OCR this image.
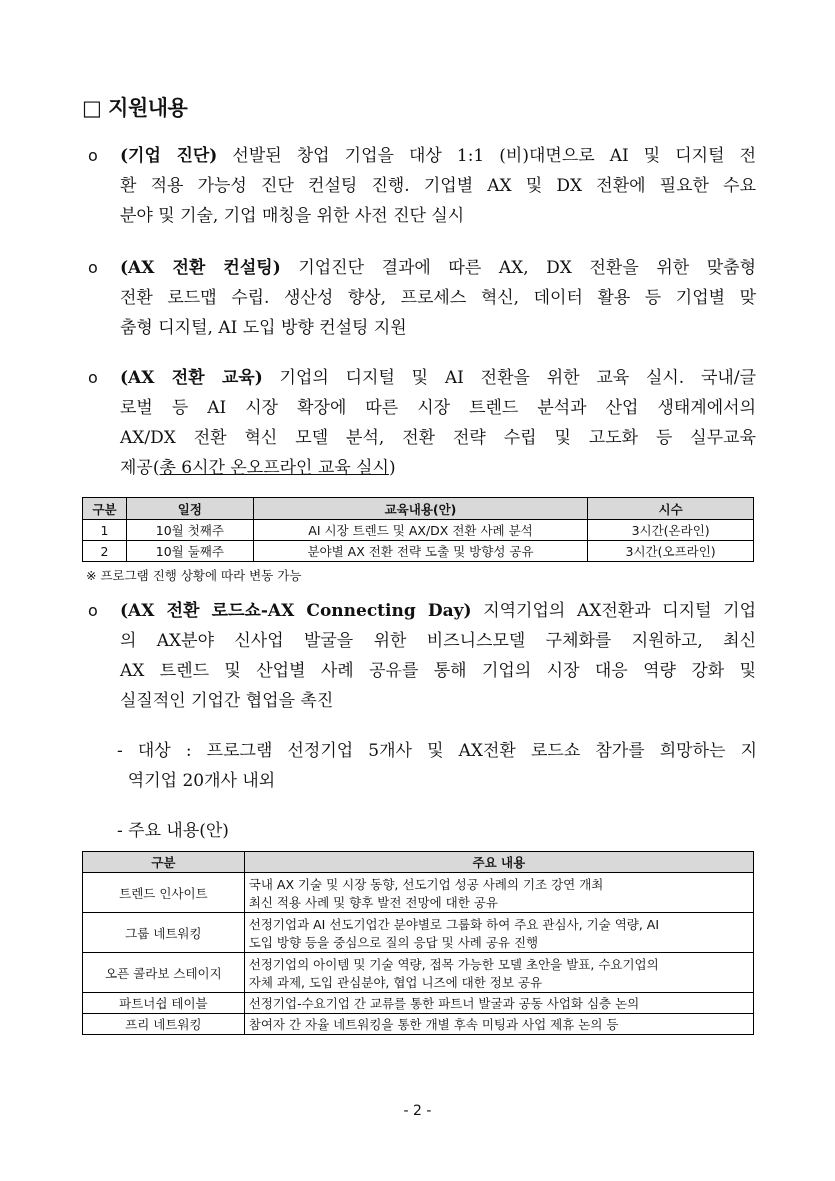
□ 지원내용
ο	(기업 진단) 선발된 창업 기업을 대상 1:1 (비)대면으로 AI 및 디지털 전
환 적용 가능성 진단 컨설팅 진행. 기업별 AX 및 DX 전환에 필요한 수요
분야 및 기술, 기업 매칭을 위한 사전 진단 실시
ο	(AX 전환 컨설팅) 기업진단 결과에 따른 AX, DX 전환을 위한 맞춤형
전환 로드맵 수립. 생산성 향상, 프로세스 혁신, 데이터 활용 등 기업별 맞
춤형 디지털, AI 도입 방향 컨설팅 지원
ο	(AX 전환 교육) 기업의 디지털 및 AI 전환을 위한 교육 실시. 국내/글
로벌 등 AI 시장 확장에 따른 시장 트렌드 분석과 산업 생태계에서의
AX/DX 전환 혁신 모델 분석, 전환 전략 수립 및 고도화 등 실무교육
제공(총 6시간 온오프라인 교육 실시)
구분	일정	교육내용(안)	시수
1	10월 첫째주	AI 시장 트렌드 및 AX/DX 전환 사례 분석	3시간(온라인)
2	10월 둘째주	분야별 AX 전환 전략 도출 및 방향성 공유	3시간(오프라인)
※ 프로그램 진행 상황에 따라 변동 가능
ο	(AX 전환 로드쇼-AX Connecting Day) 지역기업의 AX전환과 디지털 기업
의 AX분야 신사업 발굴을 위한 비즈니스모델 구체화를 지원하고, 최신
AX 트렌드 및 산업별 사례 공유를 통해 기업의 시장 대응 역량 강화 및
실질적인 기업간 협업을 촉진
- 대상 : 프로그램 선정기업 5개사 및 AX전환 로드쇼 참가를 희망하는 지
역기업 20개사 내외
- 주요 내용(안)
구분	주요 내용
트렌드 인사이트	국내 AX 기술 및 시장 동향, 선도기업 성공 사례의 기조 강연 개최
최신 적용 사례 및 향후 발전 전망에 대한 공유

그룹 네트워킹	선정기업과 AI 선도기업간 분야별로 그룹화 하여 주요 관심사, 기술 역량, AI
도입 방향 등을 중심으로 질의 응답 및 사례 공유 진행

오픈 콜라보 스테이지	선정기업의 아이템 및 기술 역량, 접목 가능한 모델 초안을 발표, 수요기업의
자체 과제, 도입 관심분야, 협업 니즈에 대한 정보 공유

파트너쉽 테이블	선정기업-수요기업 간 교류를 통한 파트너 발굴과 공동 사업화 심층 논의
프리 네트워킹	참여자 간 자율 네트워킹을 통한 개별 후속 미팅과 사업 제휴 논의 등
- 2 -
